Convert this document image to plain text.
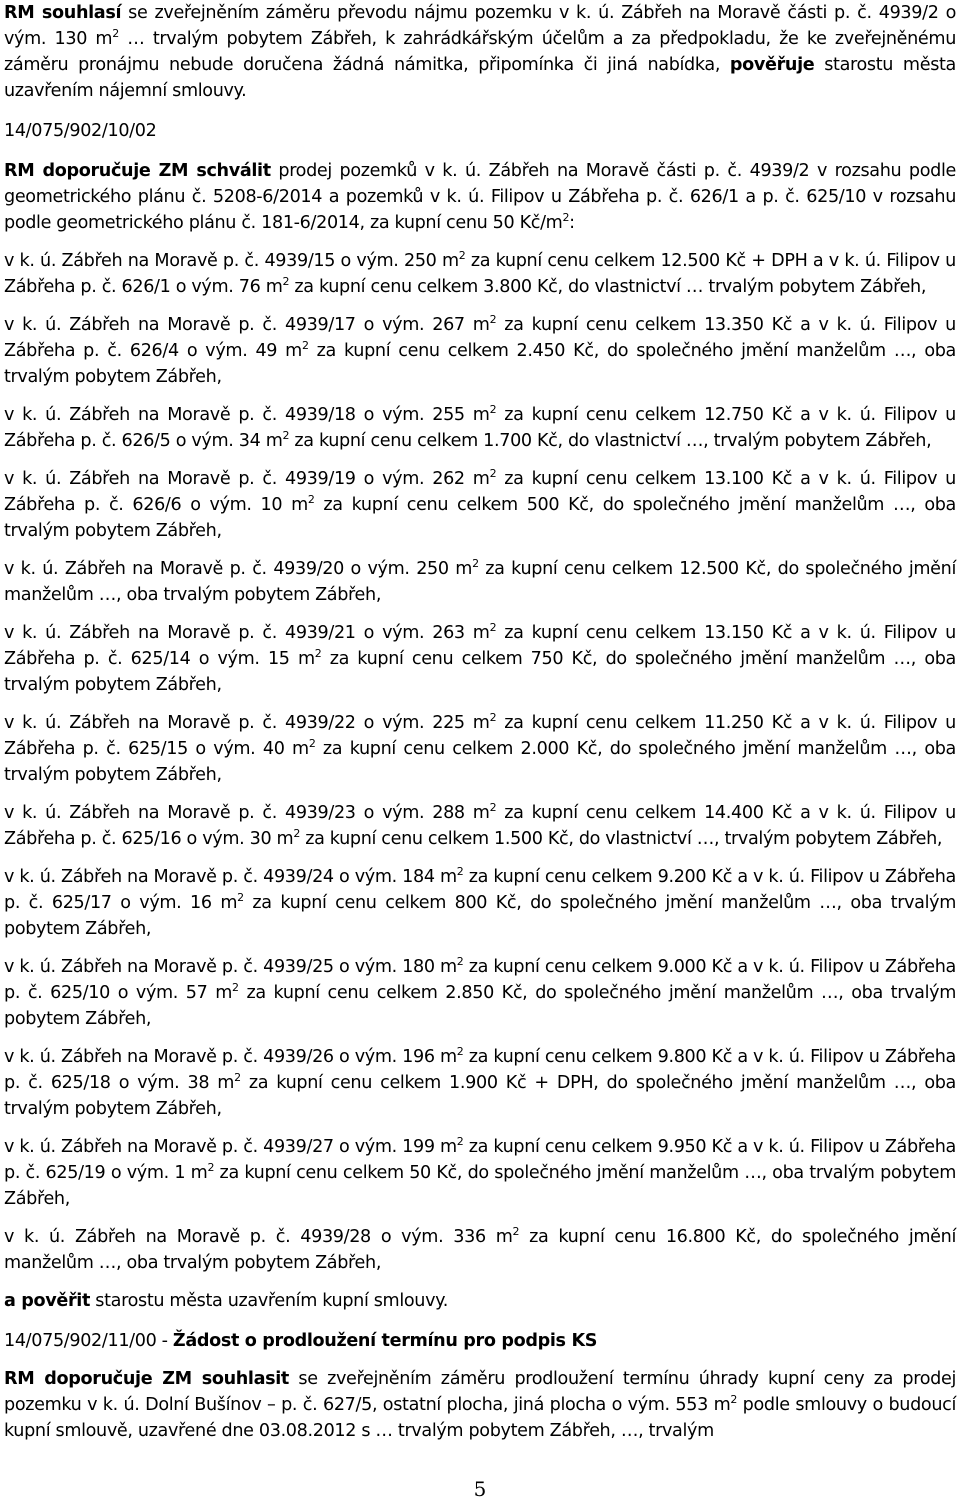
RM souhlasí se zveřejněním záměru převodu nájmu pozemku v k. ú. Zábřeh na Moravě části p. č. 4939/2 o vým. 130 $m^2$ … trvalým pobytem Zábřeh, k zahrádkářským účelům a za předpokladu, že ke zveřejněnému záměru pronájmu nebude doručena žádná námitka, připomínka či jiná nabídka, pověřuje starostu města uzavřením nájemní smlouvy.

14/075/902/10/02

RM doporučuje ZM schválit prodej pozemků v k. ú. Zábřeh na Moravě části p. č. 4939/2 v rozsahu podle geometrického plánu č. 5208-6/2014 a pozemků v k. ú. Filipov u Zábřeha p. č. 626/1 a p. č. 625/10 v rozsahu podle geometrického plánu č. 181-6/2014, za kupní cenu 50 $Kč/m^2$:

v k. ú. Zábřeh na Moravě p. č. 4939/15 o vým. 250 $m^2$ za kupní cenu celkem 12.500 Kč + DPH a v k. ú. Filipov u Zábřeha p. č. 626/1 o vým. 76 $m^2$ za kupní cenu celkem 3.800 Kč, do vlastnictví … trvalým pobytem Zábřeh,

v k. ú. Zábřeh na Moravě p. č. 4939/17 o vým. 267 $m^2$ za kupní cenu celkem 13.350 Kč a v k. ú. Filipov u Zábřeha p. č. 626/4 o vým. 49 $m^2$ za kupní cenu celkem 2.450 Kč, do společného jmění manželům …, oba trvalým pobytem Zábřeh,

v k. ú. Zábřeh na Moravě p. č. 4939/18 o vým. 255 $m^2$ za kupní cenu celkem 12.750 Kč a v k. ú. Filipov u Zábřeha p. č. 626/5 o vým. 34 $m^2$ za kupní cenu celkem 1.700 Kč, do vlastnictví …, trvalým pobytem Zábřeh,

v k. ú. Zábřeh na Moravě p. č. 4939/19 o vým. 262 $m^2$ za kupní cenu celkem 13.100 Kč a v k. ú. Filipov u Zábřeha p. č. 626/6 o vým. 10 $m^2$ za kupní cenu celkem 500 Kč, do společného jmění manželům …, oba trvalým pobytem Zábřeh,

v k. ú. Zábřeh na Moravě p. č. 4939/20 o vým. 250 $m^2$ za kupní cenu celkem 12.500 Kč, do společného jmění manželům …, oba trvalým pobytem Zábřeh,

v k. ú. Zábřeh na Moravě p. č. 4939/21 o vým. 263 $m^2$ za kupní cenu celkem 13.150 Kč a v k. ú. Filipov u Zábřeha p. č. 625/14 o vým. 15 $m^2$ za kupní cenu celkem 750 Kč, do společného jmění manželům …, oba trvalým pobytem Zábřeh,

v k. ú. Zábřeh na Moravě p. č. 4939/22 o vým. 225 $m^2$ za kupní cenu celkem 11.250 Kč a v k. ú. Filipov u Zábřeha p. č. 625/15 o vým. 40 $m^2$ za kupní cenu celkem 2.000 Kč, do společného jmění manželům …, oba trvalým pobytem Zábřeh,

v k. ú. Zábřeh na Moravě p. č. 4939/23 o vým. 288 $m^2$ za kupní cenu celkem 14.400 Kč a v k. ú. Filipov u Zábřeha p. č. 625/16 o vým. 30 $m^2$ za kupní cenu celkem 1.500 Kč, do vlastnictví …, trvalým pobytem Zábřeh,

v k. ú. Zábřeh na Moravě p. č. 4939/24 o vým. 184 $m^2$ za kupní cenu celkem 9.200 Kč a v k. ú. Filipov u Zábřeha p. č. 625/17 o vým. 16 $m^2$ za kupní cenu celkem 800 Kč, do společného jmění manželům …, oba trvalým pobytem Zábřeh,

v k. ú. Zábřeh na Moravě p. č. 4939/25 o vým. 180 $m^2$ za kupní cenu celkem 9.000 Kč a v k. ú. Filipov u Zábřeha p. č. 625/10 o vým. 57 $m^2$ za kupní cenu celkem 2.850 Kč, do společného jmění manželům …, oba trvalým pobytem Zábřeh,

v k. ú. Zábřeh na Moravě p. č. 4939/26 o vým. 196 $m^2$ za kupní cenu celkem 9.800 Kč a v k. ú. Filipov u Zábřeha p. č. 625/18 o vým. 38 $m^2$ za kupní cenu celkem 1.900 Kč + DPH, do společného jmění manželům …, oba trvalým pobytem Zábřeh,

v k. ú. Zábřeh na Moravě p. č. 4939/27 o vým. 199 $m^2$ za kupní cenu celkem 9.950 Kč a v k. ú. Filipov u Zábřeha p. č. 625/19 o vým. 1 $m^2$ za kupní cenu celkem 50 Kč, do společného jmění manželům …, oba trvalým pobytem Zábřeh,

v k. ú. Zábřeh na Moravě p. č. 4939/28 o vým. 336 $m^2$ za kupní cenu 16.800 Kč, do společného jmění manželům …, oba trvalým pobytem Zábřeh,

a pověřit starostu města uzavřením kupní smlouvy.

14/075/902/11/00 - Žádost o prodloužení termínu pro podpis KS

RM doporučuje ZM souhlasit se zveřejněním záměru prodloužení termínu úhrady kupní ceny za prodej pozemku v k. ú. Dolní Bušínov – p. č. 627/5, ostatní plocha, jiná plocha o vým. 553 $m^2$ podle smlouvy o budoucí kupní smlouvě, uzavřené dne 03.08.2012 s … trvalým pobytem Zábřeh, …, trvalým

5
